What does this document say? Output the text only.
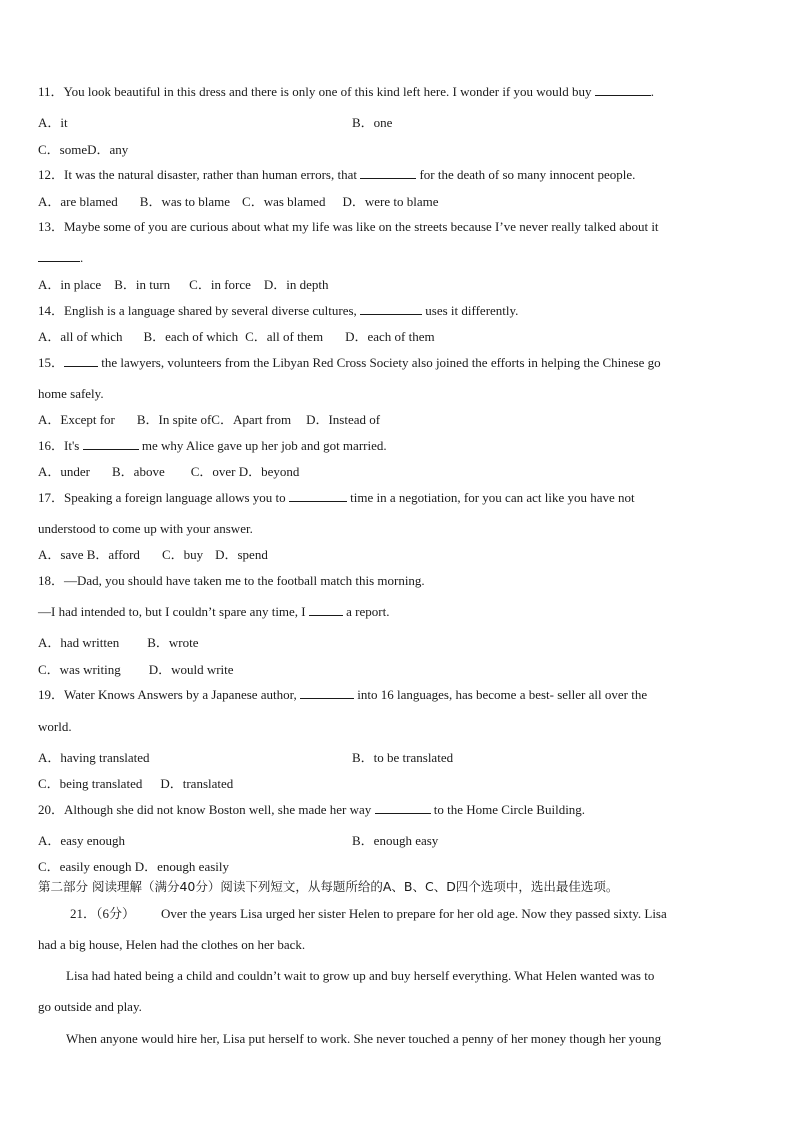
11．You look beautiful in this dress and there is only one of this kind left here. I wonder if you would buy	.
A．it	B．one
C．someD．any
12．It was the natural disaster, rather than human errors, that	for the death of so many innocent people.
A．are blamed B．was to blame C．was blamed D．were to blame
13．Maybe some of you are curious about what my life was like on the streets because I’ve never really talked about it
.
A．in place B．in turn C．in force D．in depth
14．English is a language shared by several diverse cultures,	uses it differently.
A．all of which B．each of which C．all of them D．each of them
15．	the lawyers, volunteers from the Libyan Red Cross Society also joined the efforts in helping the Chinese go
home safely.
A．Except for B．In spite ofC．Apart from D．Instead of
16．It's	me why Alice gave up her job and got married.
A．under B．above C．over D．beyond
17．Speaking a foreign language allows you to	time in a negotiation, for you can act like you have not
understood to come up with your answer.
A．save B．afford C．buy D．spend
18．—Dad, you should have taken me to the football match this morning.
—I had intended to, but I couldn’t spare any time, I	a report.
A．had written B．wrote
C．was writing D．would write
19．Water Knows Answers by a Japanese author,	into 16 languages, has become a best- seller all over the
world.
A．having translated	B．to be translated
C．being translated D．translated
20．Although she did not know Boston well, she made her way	to the Home Circle Building.
A．easy enough	B．enough easy
C．easily enough D．enough easily
第二部分 阅读理解（满分40分）阅读下列短文，从每题所给的A、B、C、D四个选项中，选出最佳选项。
21．（6分） Over the years Lisa urged her sister Helen to prepare for her old age. Now they passed sixty. Lisa
had a big house, Helen had the clothes on her back.
Lisa had hated being a child and couldn’t wait to grow up and buy herself everything. What Helen wanted was to
go outside and play.
When anyone would hire her, Lisa put herself to work. She never touched a penny of her money though her young
